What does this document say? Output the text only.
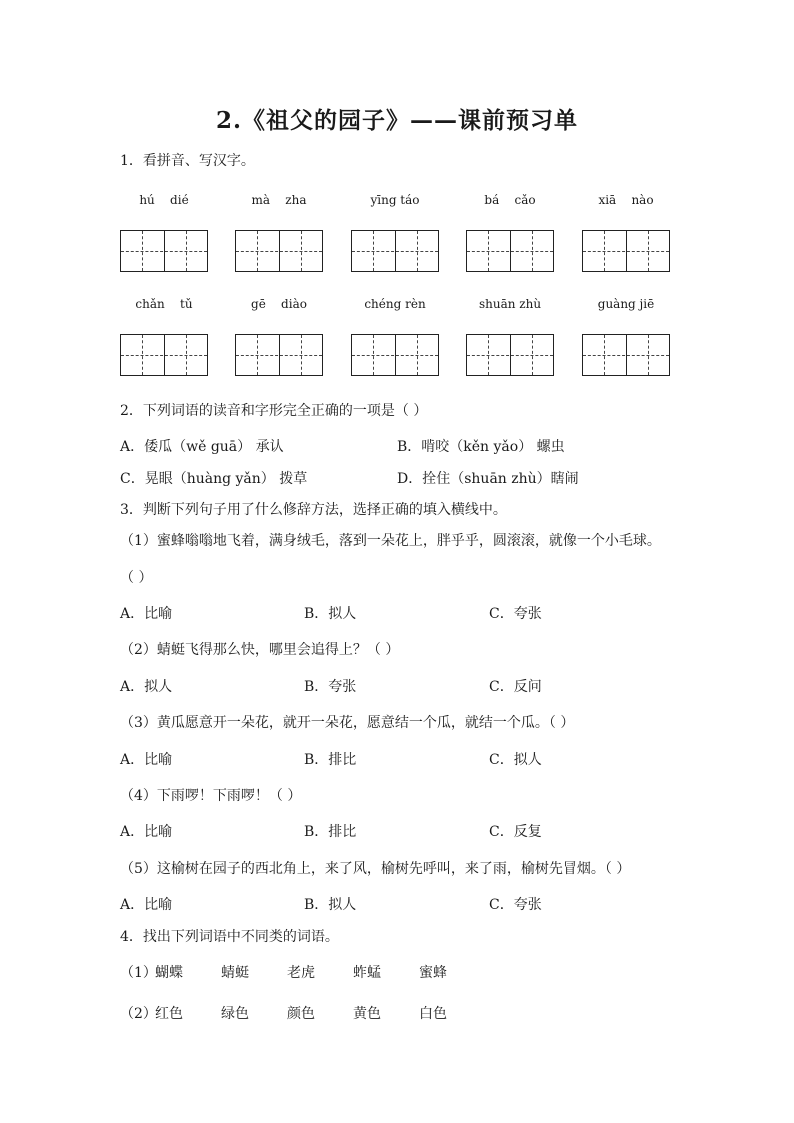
2.《祖父的园子》——课前预习单
1．看拼音、写汉字。
hú    dié	mà    zha	yīng táo	bá    cǎo	xiā    nào
chǎn    tǔ	gē    diào	chéng rèn	shuān zhù	guàng jiē
2．下列词语的读音和字形完全正确的一项是（ ）
A．倭瓜（wě guā） 承认	B．啃咬（kěn yǎo） 螺虫
C．晃眼（huàng yǎn） 拨草	D．拴住（shuān zhù）瞎闹
3．判断下列句子用了什么修辞方法，选择正确的填入横线中。
（1）蜜蜂嗡嗡地飞着，满身绒毛，落到一朵花上，胖乎乎，圆滚滚，就像一个小毛球。
（ ）
A．比喻	B．拟人	C．夸张
（2）蜻蜓飞得那么快，哪里会追得上？（ ）
A．拟人	B．夸张	C．反问
（3）黄瓜愿意开一朵花，就开一朵花，愿意结一个瓜，就结一个瓜。（ ）
A．比喻	B．排比	C．拟人
（4）下雨啰！下雨啰！（ ）
A．比喻	B．排比	C．反复
（5）这榆树在园子的西北角上，来了风，榆树先呼叫，来了雨，榆树先冒烟。（ ）
A．比喻	B．拟人	C．夸张
4．找出下列词语中不同类的词语。
（1）
蝴蝶	蜻蜓	老虎	蚱蜢	蜜蜂
（2）
红色	绿色	颜色	黄色	白色
